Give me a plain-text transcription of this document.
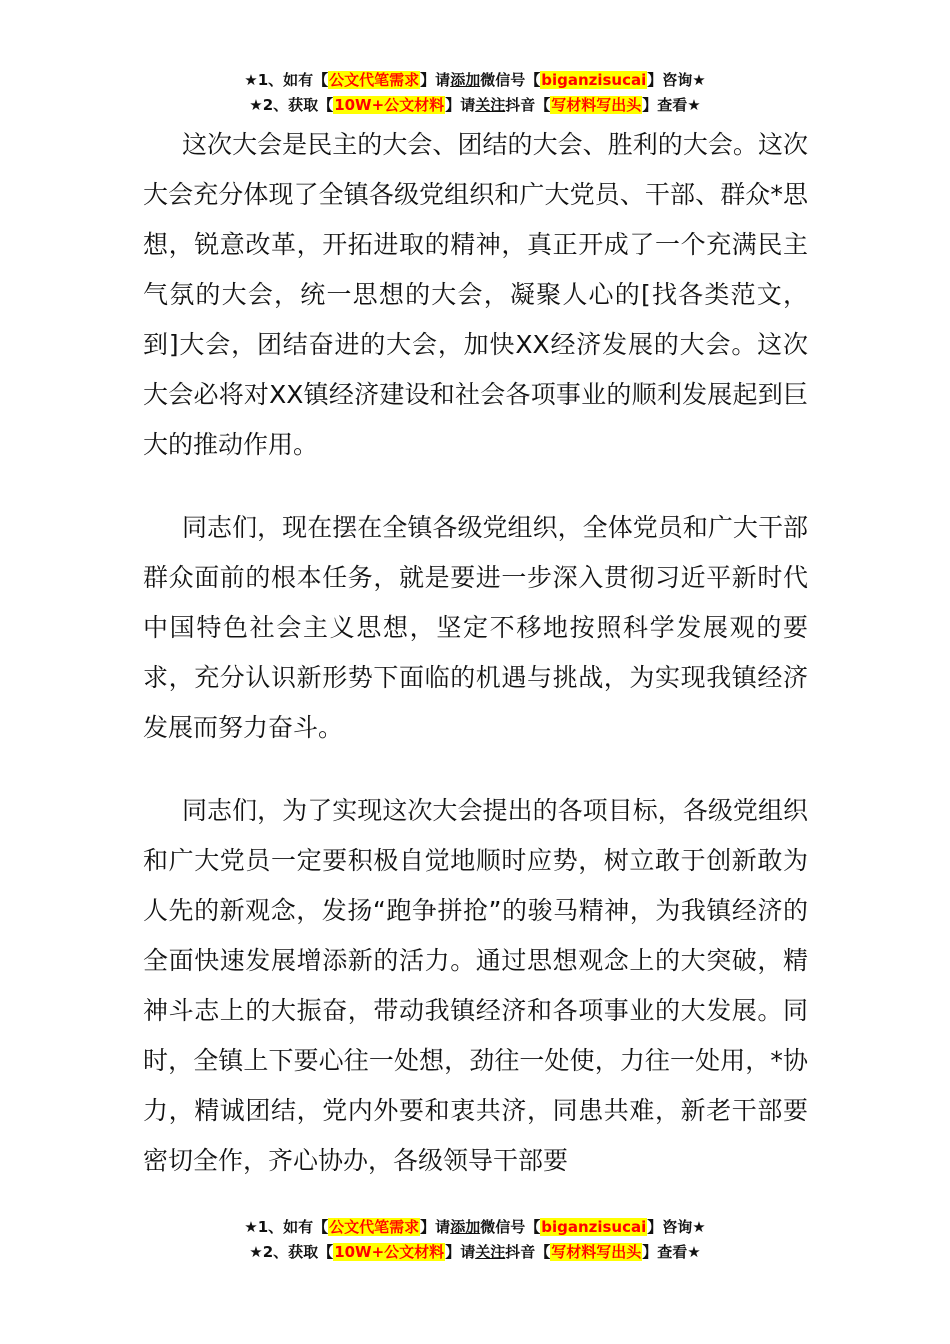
★1、如有【公文代笔需求】请添加微信号【biganzisucai】咨询★
★2、获取【10W+公文材料】请关注抖音【写材料写出头】查看★

这次大会是民主的大会、团结的大会、胜利的大会。这次大会充分体现了全镇各级党组织和广大党员、干部、群众*思想，锐意改革，开拓进取的精神，真正开成了一个充满民主气氛的大会，统一思想的大会，凝聚人心的[找各类范文，到]大会，团结奋进的大会，加快XX经济发展的大会。这次大会必将对XX镇经济建设和社会各项事业的顺利发展起到巨大的推动作用。

同志们，现在摆在全镇各级党组织，全体党员和广大干部群众面前的根本任务，就是要进一步深入贯彻习近平新时代中国特色社会主义思想，坚定不移地按照科学发展观的要求，充分认识新形势下面临的机遇与挑战，为实现我镇经济发展而努力奋斗。

同志们，为了实现这次大会提出的各项目标，各级党组织和广大党员一定要积极自觉地顺时应势，树立敢于创新敢为人先的新观念，发扬“跑争拼抢”的骏马精神，为我镇经济的全面快速发展增添新的活力。通过思想观念上的大突破，精神斗志上的大振奋，带动我镇经济和各项事业的大发展。同时，全镇上下要心往一处想，劲往一处使，力往一处用，*协力，精诚团结，党内外要和衷共济，同患共难，新老干部要密切全作，齐心协办，各级领导干部要

★1、如有【公文代笔需求】请添加微信号【biganzisucai】咨询★
★2、获取【10W+公文材料】请关注抖音【写材料写出头】查看★
